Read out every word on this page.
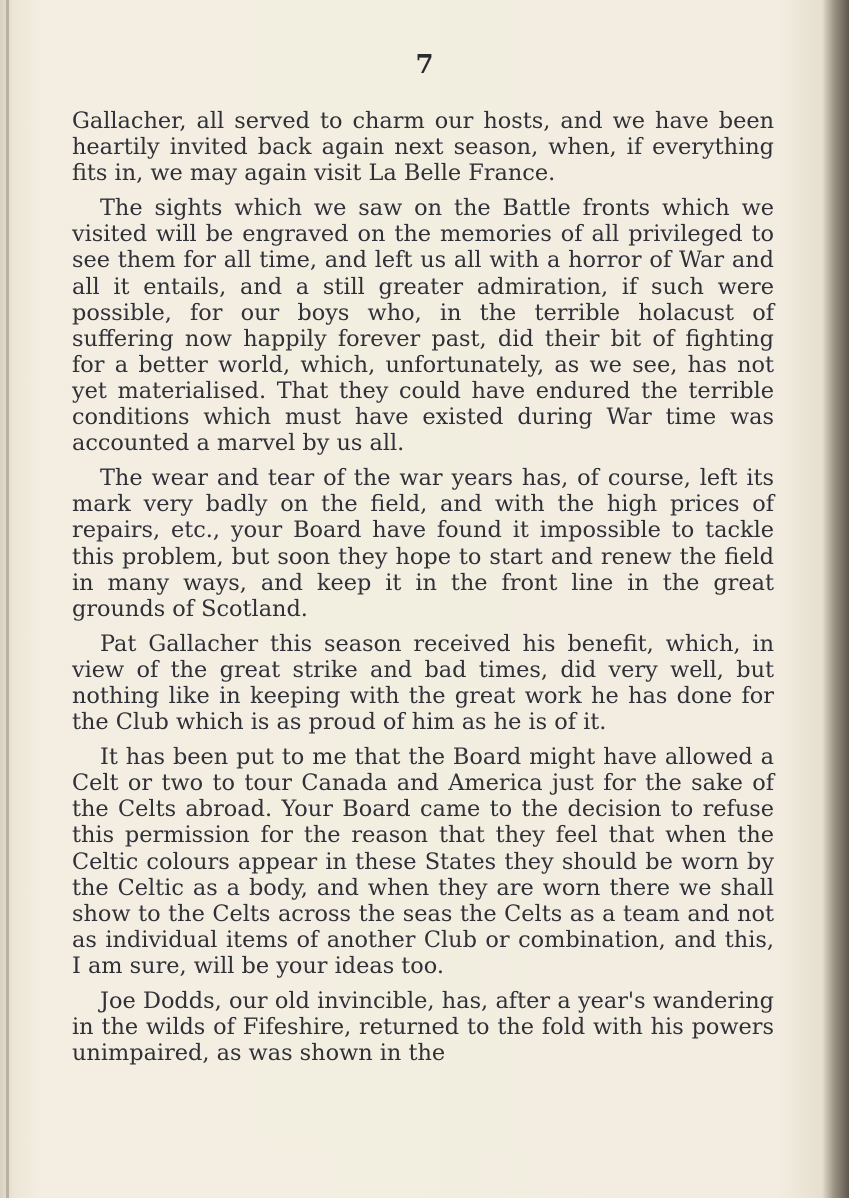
7

Gallacher, all served to charm our hosts, and we have been heartily invited back again next season, when, if everything fits in, we may again visit La Belle France.

The sights which we saw on the Battle fronts which we visited will be engraved on the memories of all privileged to see them for all time, and left us all with a horror of War and all it entails, and a still greater admiration, if such were possible, for our boys who, in the terrible holacust of suffering now happily forever past, did their bit of fighting for a better world, which, unfortunately, as we see, has not yet materialised. That they could have endured the terrible conditions which must have existed during War time was accounted a marvel by us all.

The wear and tear of the war years has, of course, left its mark very badly on the field, and with the high prices of repairs, etc., your Board have found it impossible to tackle this problem, but soon they hope to start and renew the field in many ways, and keep it in the front line in the great grounds of Scotland.

Pat Gallacher this season received his benefit, which, in view of the great strike and bad times, did very well, but nothing like in keeping with the great work he has done for the Club which is as proud of him as he is of it.

It has been put to me that the Board might have allowed a Celt or two to tour Canada and America just for the sake of the Celts abroad. Your Board came to the decision to refuse this permission for the reason that they feel that when the Celtic colours appear in these States they should be worn by the Celtic as a body, and when they are worn there we shall show to the Celts across the seas the Celts as a team and not as individual items of another Club or combination, and this, I am sure, will be your ideas too.

Joe Dodds, our old invincible, has, after a year's wandering in the wilds of Fifeshire, returned to the fold with his powers unimpaired, as was shown in the
